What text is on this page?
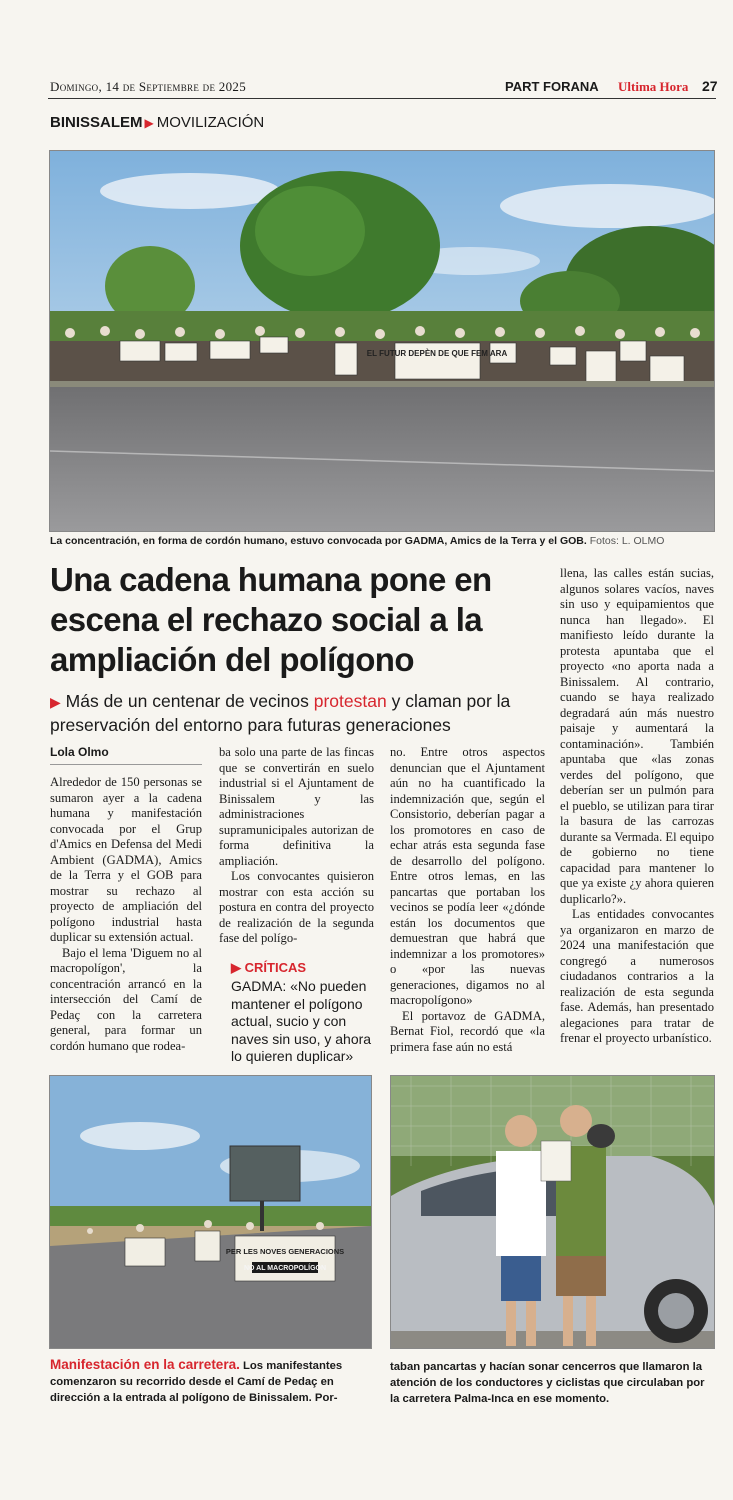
Domingo, 14 de Septiembre de 2025	PART FORANA Ultima Hora 27
BINISSALEM ▶ MOVILIZACIÓN
EL FUTUR DEPÈN DE QUE FEM ARA
La concentración, en forma de cordón humano, estuvo convocada por GADMA, Amics de la Terra y el GOB. Fotos: L. OLMO
Una cadena humana pone en escena el rechazo social a la ampliación del polígono
▶ Más de un centenar de vecinos protestan y claman por la preservación del entorno para futuras generaciones
Lola Olmo

Alrededor de 150 personas se sumaron ayer a la cadena humana y manifestación convocada por el Grup d'Amics en Defensa del Medi Ambient (GADMA), Amics de la Terra y el GOB para mostrar su rechazo al proyecto de ampliación del polígono industrial hasta duplicar su extensión actual.

Bajo el lema 'Diguem no al macropolígon', la concentración arrancó en la intersección del Camí de Pedaç con la carretera general, para formar un cordón humano que rodea-

ba solo una parte de las fincas que se convertirán en suelo industrial si el Ajuntament de Binissalem y las administraciones supramunicipales autorizan de forma definitiva la ampliación.

Los convocantes quisieron mostrar con esta acción su postura en contra del proyecto de realización de la segunda fase del polígo-

▶ CRÍTICAS
GADMA: «No pueden mantener el polígono actual, sucio y con naves sin uso, y ahora lo quieren duplicar»

no. Entre otros aspectos denuncian que el Ajuntament aún no ha cuantificado la indemnización que, según el Consistorio, deberían pagar a los promotores en caso de echar atrás esta segunda fase de desarrollo del polígono. Entre otros lemas, en las pancartas que portaban los vecinos se podía leer «¿dónde están los documentos que demuestran que habrá que indemnizar a los promotores» o «por las nuevas generaciones, digamos no al macropolígono»

El portavoz de GADMA, Bernat Fiol, recordó que «la primera fase aún no está

llena, las calles están sucias, algunos solares vacíos, naves sin uso y equipamientos que nunca han llegado». El manifiesto leído durante la protesta apuntaba que el proyecto «no aporta nada a Binissalem. Al contrario, cuando se haya realizado degradará aún más nuestro paisaje y aumentará la contaminación». También apuntaba que «las zonas verdes del polígono, que deberían ser un pulmón para el pueblo, se utilizan para tirar la basura de las carrozas durante sa Vermada. El equipo de gobierno no tiene capacidad para mantener lo que ya existe ¿y ahora quieren duplicarlo?».

Las entidades convocantes ya organizaron en marzo de 2024 una manifestación que congregó a numerosos ciudadanos contrarios a la realización de esta segunda fase. Además, han presentado alegaciones para tratar de frenar el proyecto urbanístico.

PER LES NOVES GENERACIONS
NO AL MACROPOLÍGON
Manifestación en la carretera. Los manifestantes comenzaron su recorrido desde el Camí de Pedaç en dirección a la entrada al polígono de Binissalem. Por-
taban pancartas y hacían sonar cencerros que llamaron la atención de los conductores y ciclistas que circulaban por la carretera Palma-Inca en ese momento.
